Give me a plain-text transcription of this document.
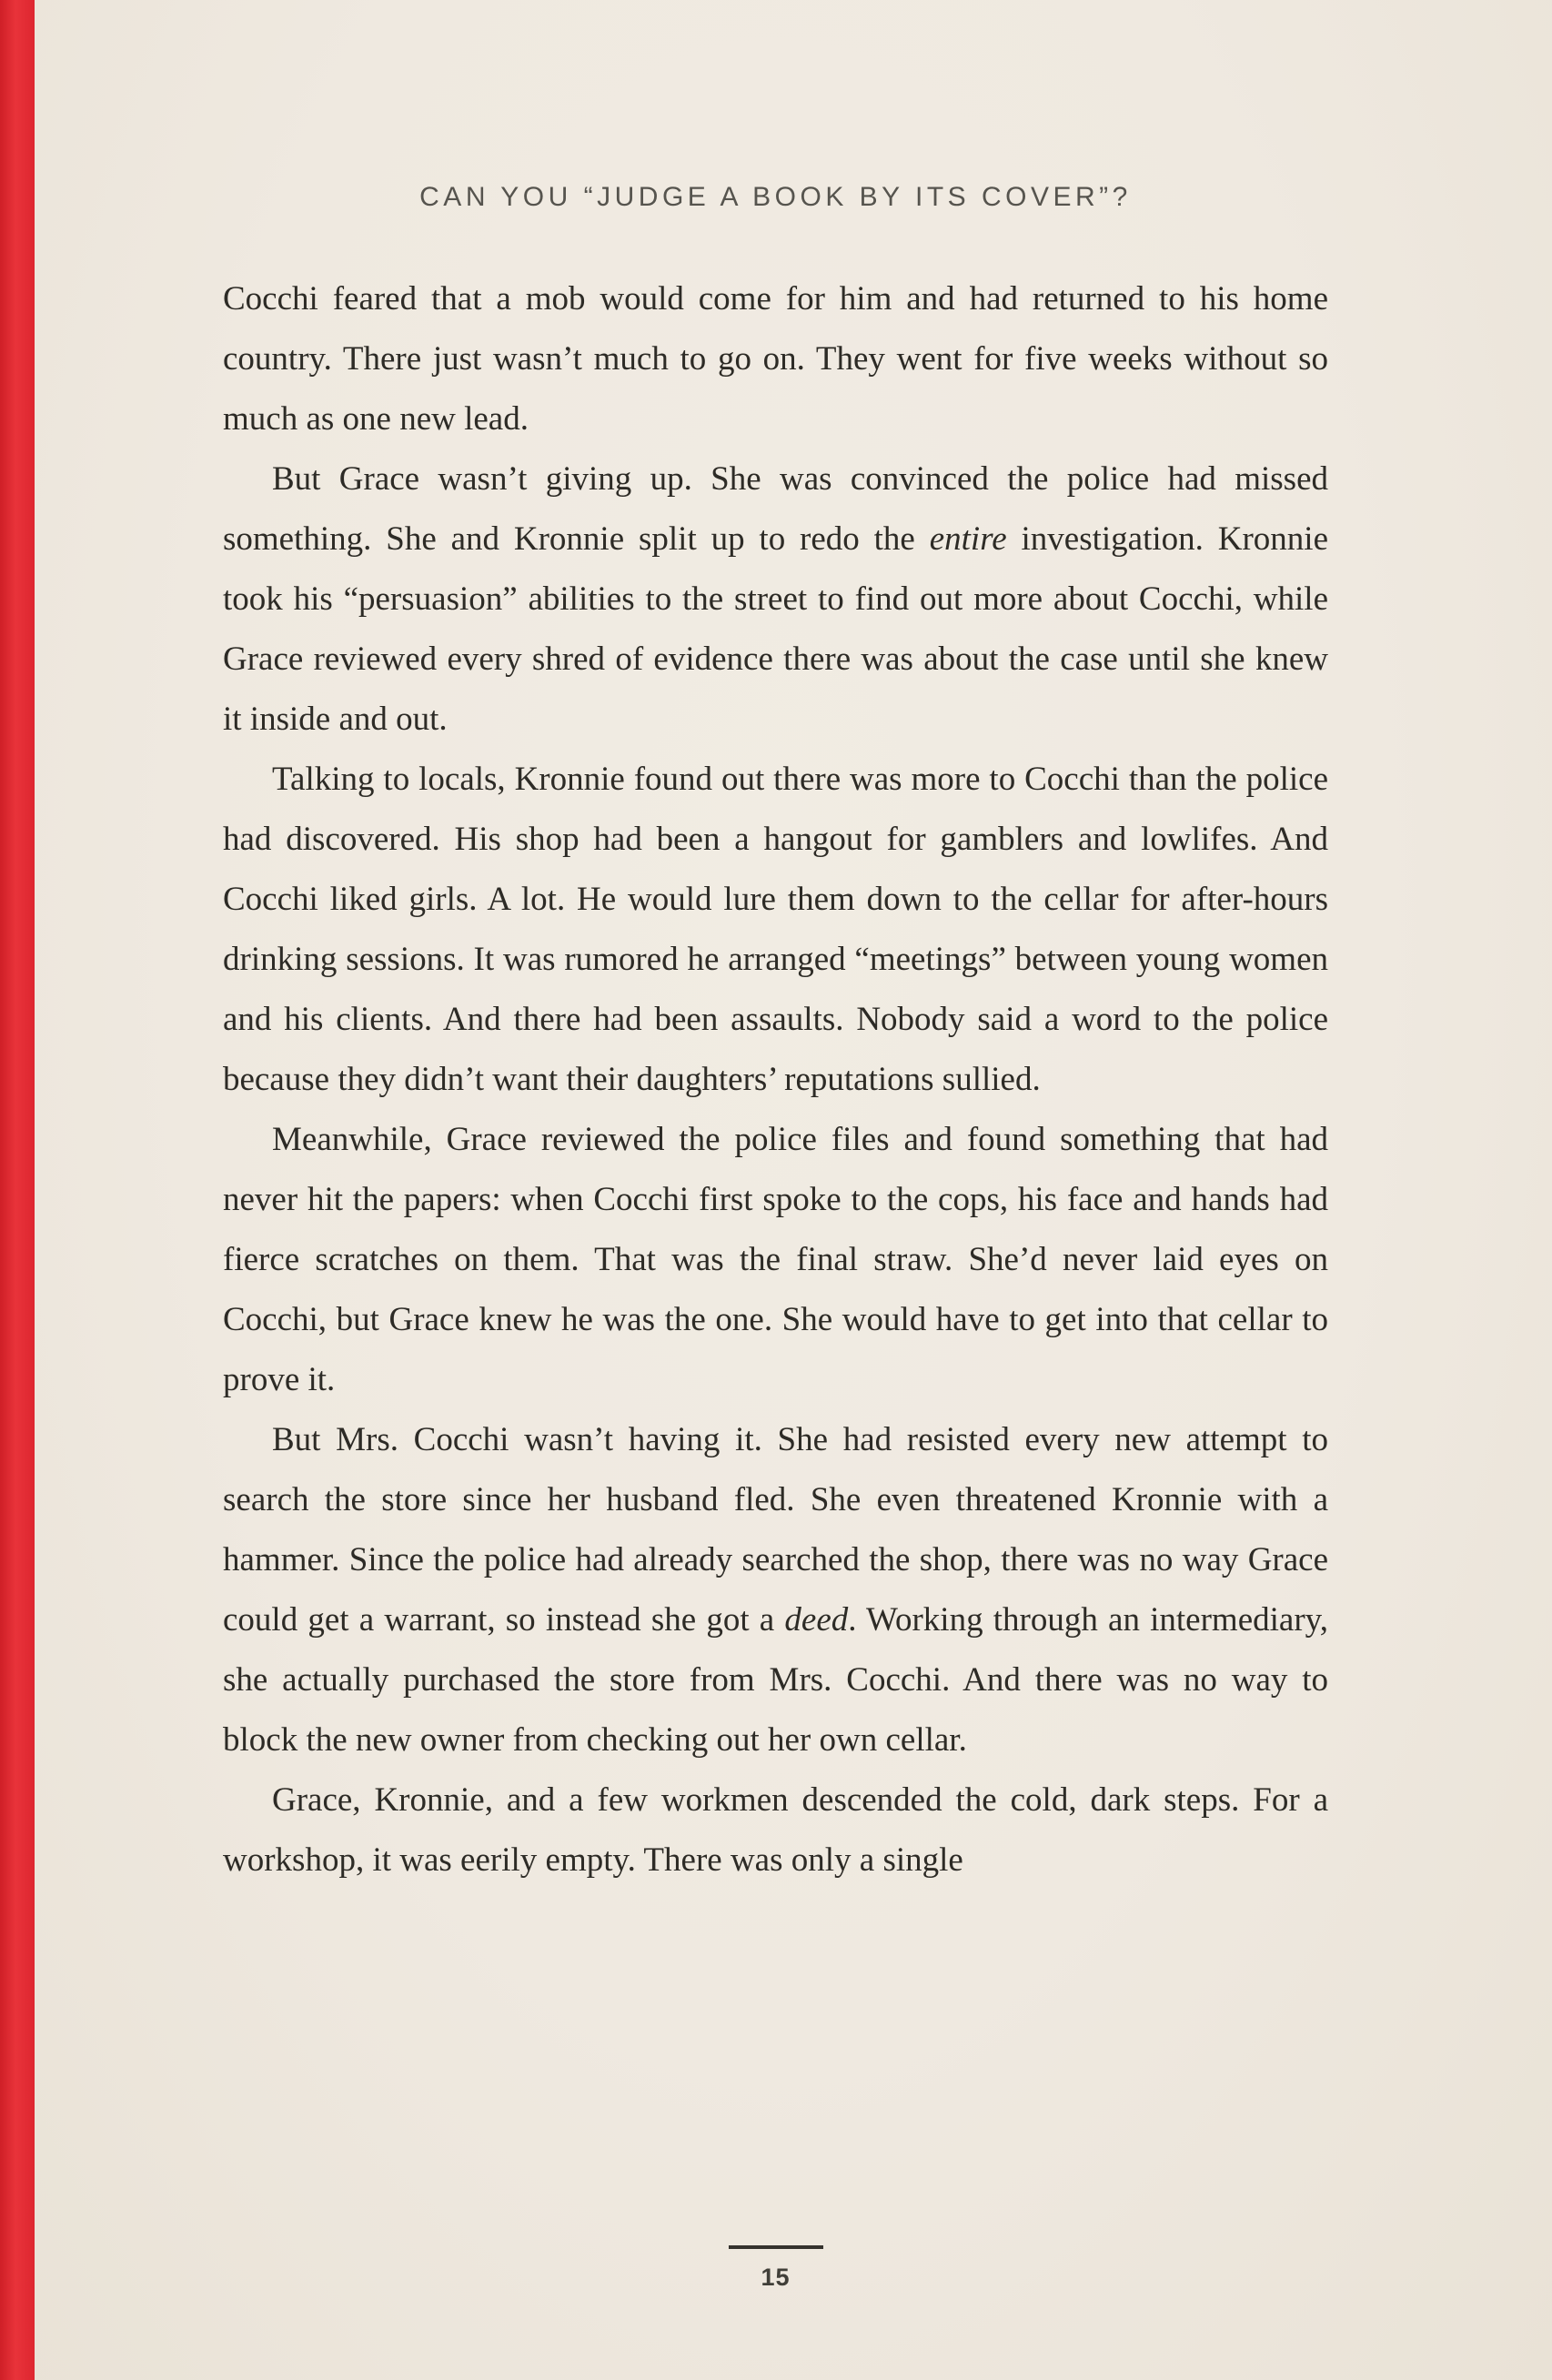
CAN YOU “JUDGE A BOOK BY ITS COVER”?

Cocchi feared that a mob would come for him and had returned to his home country. There just wasn’t much to go on. They went for five weeks without so much as one new lead.

But Grace wasn’t giving up. She was convinced the police had missed something. She and Kronnie split up to redo the entire investigation. Kronnie took his “persuasion” abilities to the street to find out more about Cocchi, while Grace reviewed every shred of evidence there was about the case until she knew it inside and out.

Talking to locals, Kronnie found out there was more to Cocchi than the police had discovered. His shop had been a hangout for gamblers and lowlifes. And Cocchi liked girls. A lot. He would lure them down to the cellar for after-hours drinking sessions. It was rumored he arranged “meetings” between young women and his clients. And there had been assaults. Nobody said a word to the police because they didn’t want their daughters’ reputations sullied.

Meanwhile, Grace reviewed the police files and found something that had never hit the papers: when Cocchi first spoke to the cops, his face and hands had fierce scratches on them. That was the final straw. She’d never laid eyes on Cocchi, but Grace knew he was the one. She would have to get into that cellar to prove it.

But Mrs. Cocchi wasn’t having it. She had resisted every new attempt to search the store since her husband fled. She even threatened Kronnie with a hammer. Since the police had already searched the shop, there was no way Grace could get a warrant, so instead she got a deed. Working through an intermediary, she actually purchased the store from Mrs. Cocchi. And there was no way to block the new owner from checking out her own cellar.

Grace, Kronnie, and a few workmen descended the cold, dark steps. For a workshop, it was eerily empty. There was only a single

15
